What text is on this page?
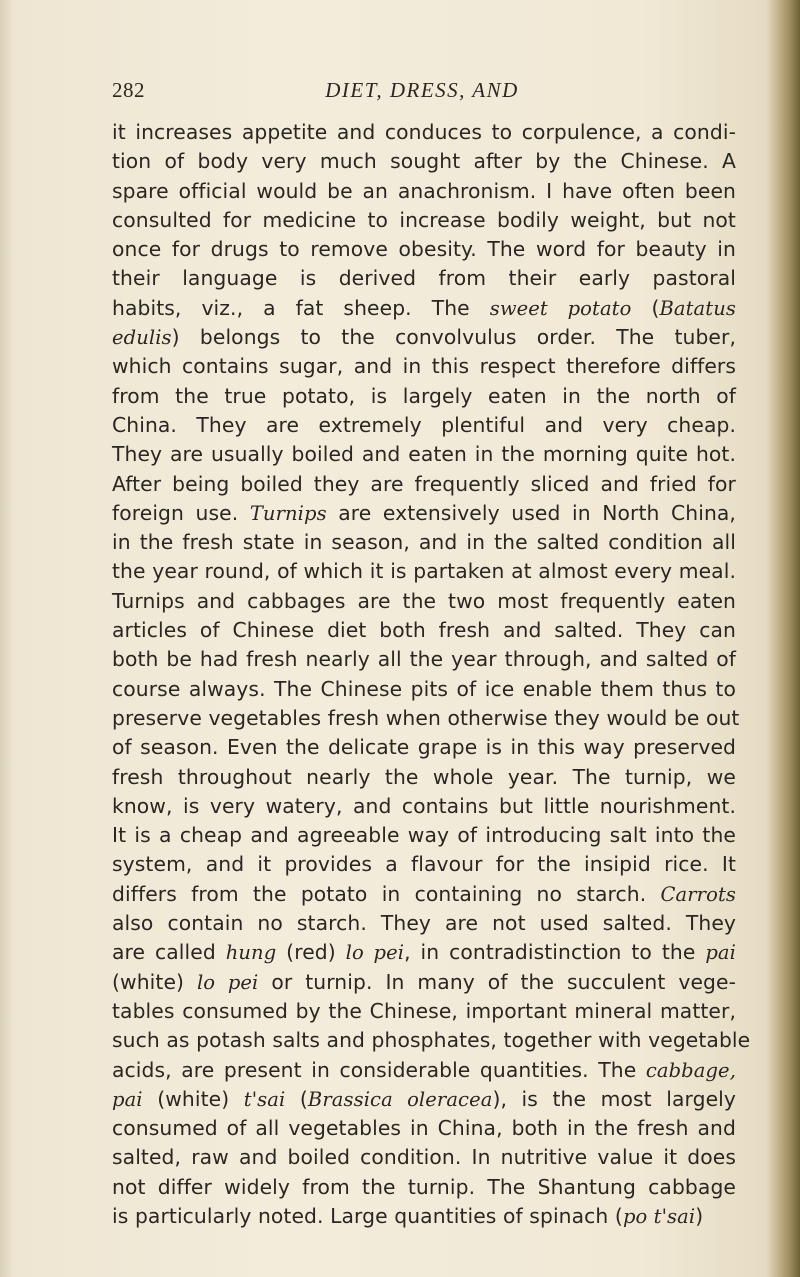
282	DIET, DRESS, AND
it increases appetite and conduces to corpulence, a condi-
tion of body very much sought after by the Chinese. A
spare official would be an anachronism. I have often been
consulted for medicine to increase bodily weight, but not
once for drugs to remove obesity. The word for beauty in
their language is derived from their early pastoral
habits, viz., a fat sheep. The sweet potato (Batatus
edulis) belongs to the convolvulus order. The tuber,
which contains sugar, and in this respect therefore differs
from the true potato, is largely eaten in the north of
China. They are extremely plentiful and very cheap.
They are usually boiled and eaten in the morning quite hot.
After being boiled they are frequently sliced and fried for
foreign use. Turnips are extensively used in North China,
in the fresh state in season, and in the salted condition all
the year round, of which it is partaken at almost every meal.
Turnips and cabbages are the two most frequently eaten
articles of Chinese diet both fresh and salted. They can
both be had fresh nearly all the year through, and salted of
course always. The Chinese pits of ice enable them thus to
preserve vegetables fresh when otherwise they would be out
of season. Even the delicate grape is in this way preserved
fresh throughout nearly the whole year. The turnip, we
know, is very watery, and contains but little nourishment.
It is a cheap and agreeable way of introducing salt into the
system, and it provides a flavour for the insipid rice. It
differs from the potato in containing no starch. Carrots
also contain no starch. They are not used salted. They
are called hung (red) lo pei, in contradistinction to the pai
(white) lo pei or turnip. In many of the succulent vege-
tables consumed by the Chinese, important mineral matter,
such as potash salts and phosphates, together with vegetable
acids, are present in considerable quantities. The cabbage,
pai (white) t'sai (Brassica oleracea), is the most largely
consumed of all vegetables in China, both in the fresh and
salted, raw and boiled condition. In nutritive value it does
not differ widely from the turnip. The Shantung cabbage
is particularly noted. Large quantities of spinach (po t'sai)
